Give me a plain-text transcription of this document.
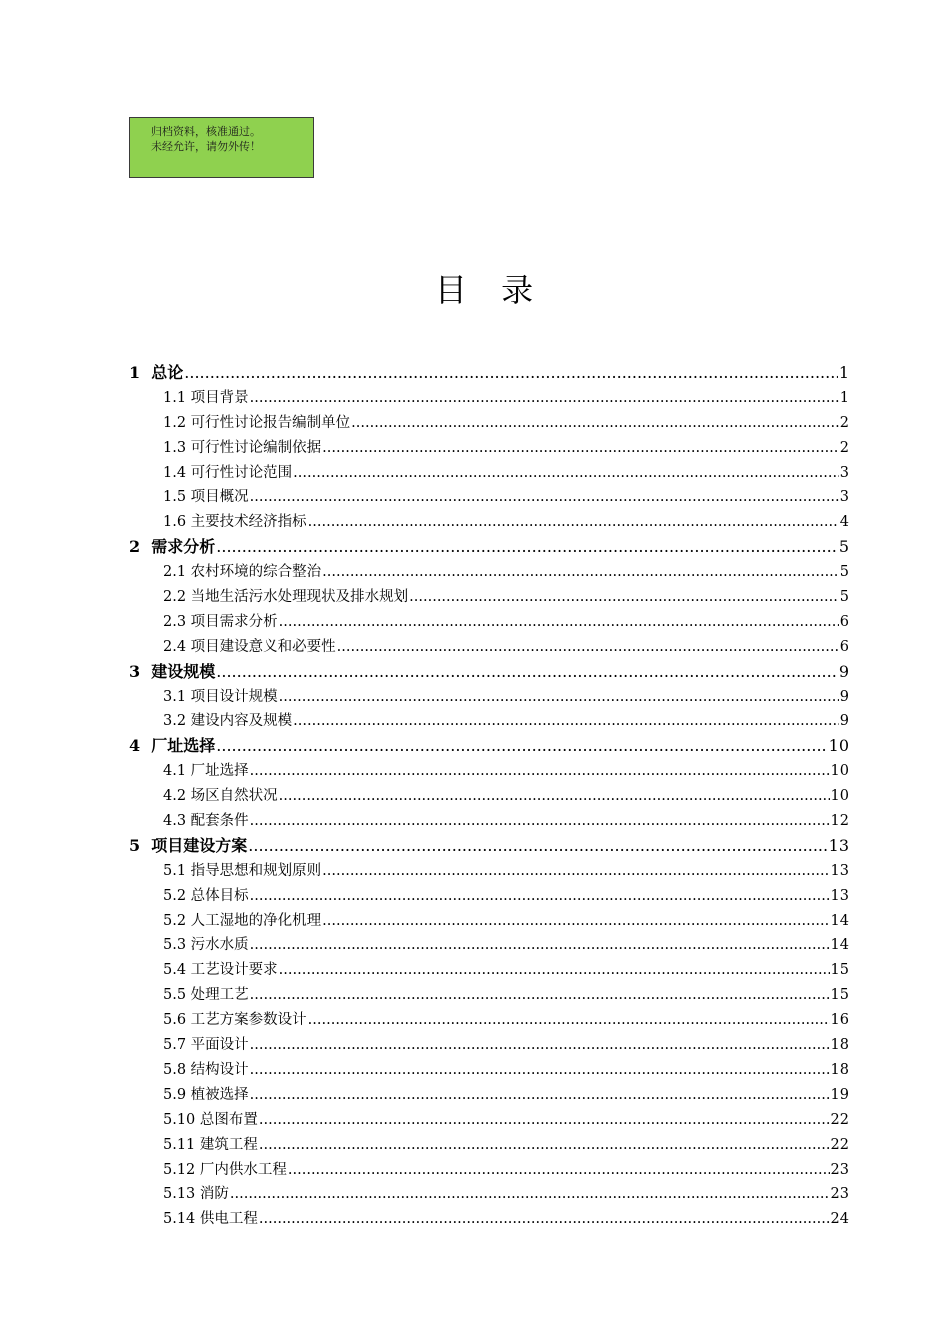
归档资料，核准通过。
未经允许，请勿外传！
目 录
1 总论 .....	1
1.1 项目背景 .....	1
1.2 可行性讨论报告编制单位 .....	2
1.3 可行性讨论编制依据 .....	2
1.4 可行性讨论范围 .....	3
1.5 项目概况 .....	3
1.6 主要技术经济指标 .....	4
2 需求分析 .....	5
2.1 农村环境的综合整治 .....	5
2.2 当地生活污水处理现状及排水规划 .....	5
2.3 项目需求分析 .....	6
2.4 项目建设意义和必要性 .....	6
3 建设规模 .....	9
3.1 项目设计规模 .....	9
3.2 建设内容及规模 .....	9
4 厂址选择 .....	10
4.1 厂址选择 .....	10
4.2 场区自然状况 .....	10
4.3 配套条件 .....	12
5 项目建设方案 .....	13
5.1 指导思想和规划原则 .....	13
5.2 总体目标 .....	13
5.2 人工湿地的净化机理 .....	14
5.3 污水水质 .....	14
5.4 工艺设计要求 .....	15
5.5 处理工艺 .....	15
5.6 工艺方案参数设计 .....	16
5.7 平面设计 .....	18
5.8 结构设计 .....	18
5.9 植被选择 .....	19
5.10 总图布置 .....	22
5.11 建筑工程 .....	22
5.12 厂内供水工程 .....	23
5.13 消防 .....	23
5.14 供电工程 .....	24
